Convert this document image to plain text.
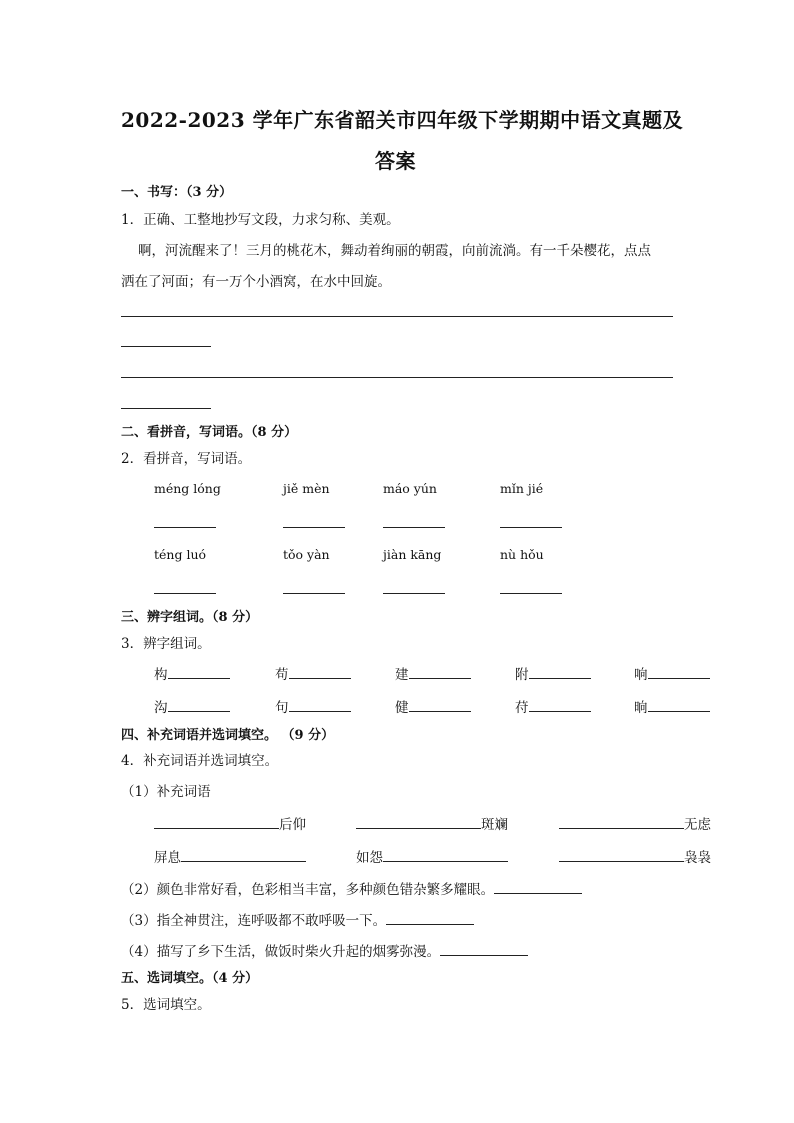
2022-2023 学年广东省韶关市四年级下学期期中语文真题及
答案
一、书写：（3 分）
1．正确、工整地抄写文段，力求匀称、美观。
啊，河流醒来了！三月的桃花木，舞动着绚丽的朝霞，向前流淌。有一千朵樱花，点点
洒在了河面；有一万个小酒窝，在水中回旋。
二、看拼音，写词语。（8 分）
2．看拼音，写词语。
méng lóng	jiě mèn	máo yún	mǐn jié
téng luó	tǒo yàn	jiàn kāng	nù hǒu
三、辨字组词。（8 分）
3．辨字组词。
构	苟	建	附	响
沟	句	健	苻	晌
四、补充词语并选词填空。 （9 分）
4．补充词语并选词填空。
（1）补充词语
后仰	斑斓	无虑
屏息	如怨	袅袅
（2）颜色非常好看，色彩相当丰富，多种颜色错杂繁多耀眼。
（3）指全神贯注，连呼吸都不敢呼吸一下。
（4）描写了乡下生活，做饭时柴火升起的烟雾弥漫。
五、选词填空。（4 分）
5．选词填空。
